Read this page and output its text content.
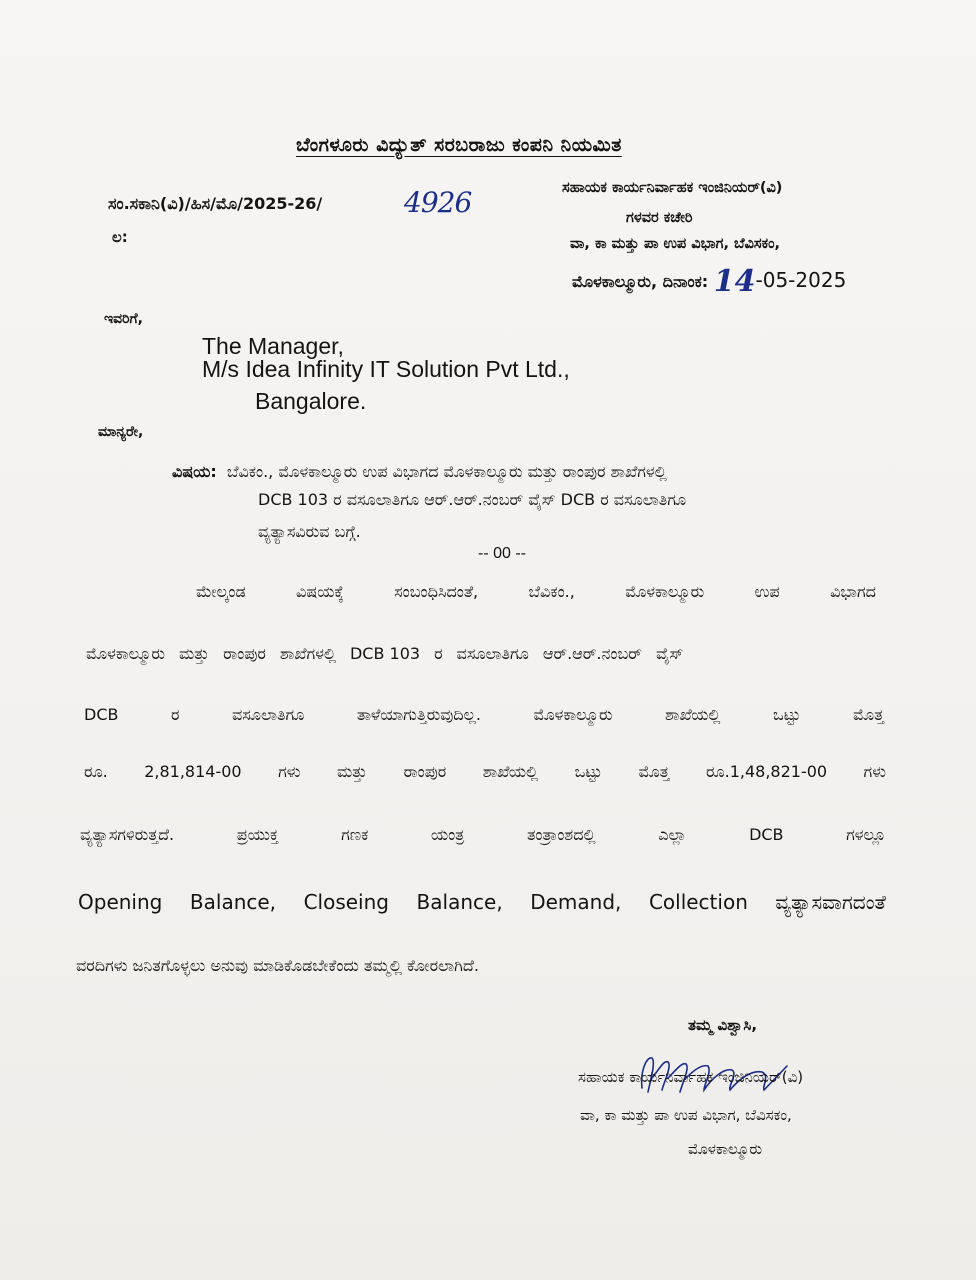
ಬೆಂಗಳೂರು ವಿದ್ಯುತ್ ಸರಬರಾಜು ಕಂಪನಿ ನಿಯಮಿತ
ಸಂ.ಸಕಾನಿ(ವಿ)/ಹಿಸ/ಮೊ/2025-26/	4926
ಲ:
ಸಹಾಯಕ ಕಾರ್ಯನಿರ್ವಾಹಕ ಇಂಜಿನಿಯರ್(ವಿ)
ಗಳವರ ಕಚೇರಿ
ವಾ, ಕಾ ಮತ್ತು ಪಾ ಉಪ ವಿಭಾಗ, ಬೆವಿಸಕಂ,
ಮೊಳಕಾಲ್ಮೂರು, ದಿನಾಂಕ: 14-05-2025
ಇವರಿಗೆ,
The Manager,
M/s Idea Infinity IT Solution Pvt Ltd.,
Bangalore.
ಮಾನ್ಯರೇ,
ವಿಷಯ: ಬೆವಿಕಂ., ಮೊಳಕಾಲ್ಮೂರು ಉಪ ವಿಭಾಗದ ಮೊಳಕಾಲ್ಮೂರು ಮತ್ತು ರಾಂಪುರ ಶಾಖೆಗಳಲ್ಲಿ
DCB 103 ರ ವಸೂಲಾತಿಗೂ ಆರ್.ಆರ್.ನಂಬರ್ ವೈಸ್ DCB ರ ವಸೂಲಾತಿಗೂ
ವ್ಯತ್ಯಾಸವಿರುವ ಬಗ್ಗೆ.
-- 00 --
ಮೇಲ್ಕಂಡ	ವಿಷಯಕ್ಕೆ	ಸಂಬಂಧಿಸಿದಂತೆ,	ಬೆವಿಕಂ.,	ಮೊಳಕಾಲ್ಮೂರು	ಉಪ	ವಿಭಾಗದ
ಮೊಳಕಾಲ್ಮೂರು ಮತ್ತು ರಾಂಪುರ ಶಾಖೆಗಳಲ್ಲಿ DCB 103 ರ ವಸೂಲಾತಿಗೂ ಆರ್.ಆರ್.ನಂಬರ್ ವೈಸ್
DCB	ರ	ವಸೂಲಾತಿಗೂ	ತಾಳೆಯಾಗುತ್ತಿರುವುದಿಲ್ಲ.	ಮೊಳಕಾಲ್ಮೂರು	ಶಾಖೆಯಲ್ಲಿ	ಒಟ್ಟು	ಮೊತ್ತ
ರೂ. 2,81,814-00 ಗಳು ಮತ್ತು ರಾಂಪುರ ಶಾಖೆಯಲ್ಲಿ ಒಟ್ಟು ಮೊತ್ತ ರೂ.1,48,821-00 ಗಳು
ವ್ಯತ್ಯಾಸಗಳಿರುತ್ತದೆ.	ಪ್ರಯುಕ್ತ	ಗಣಕ	ಯಂತ್ರ	ತಂತ್ರಾಂಶದಲ್ಲಿ	ಎಲ್ಲಾ	DCB	ಗಳಲ್ಲೂ
Opening Balance, Closeing Balance, Demand, Collection ವ್ಯತ್ಯಾಸವಾಗದಂತೆ
ವರದಿಗಳು ಜನಿತಗೊಳ್ಳಲು ಅನುವು ಮಾಡಿಕೊಡಬೇಕೆಂದು ತಮ್ಮಲ್ಲಿ ಕೋರಲಾಗಿದೆ.
ತಮ್ಮ ವಿಶ್ವಾಸಿ,
ಸಹಾಯಕ ಕಾರ್ಯನಿರ್ವಾಹಕ ಇಂಜಿನಿಯರ್(ವಿ)
ವಾ, ಕಾ ಮತ್ತು ಪಾ ಉಪ ವಿಭಾಗ, ಬೆವಿಸಕಂ,
ಮೊಳಕಾಲ್ಮೂರು
